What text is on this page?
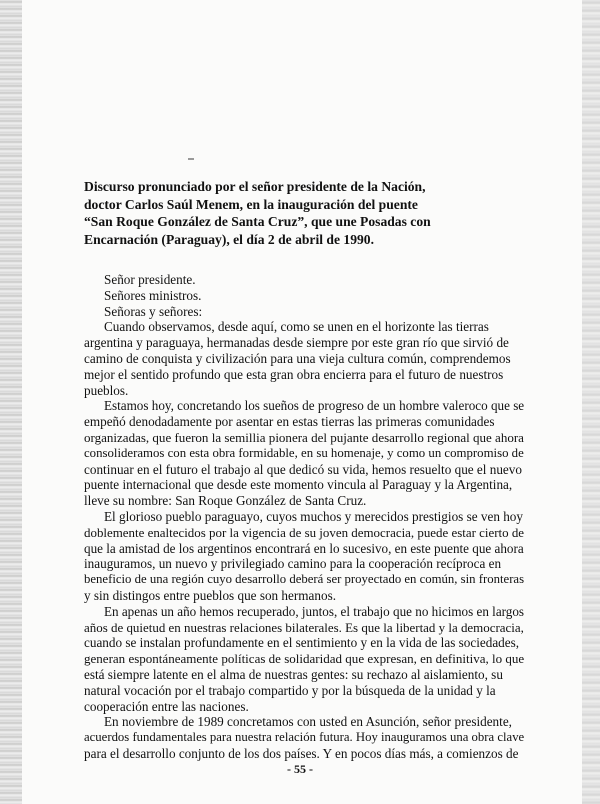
Discurso pronunciado por el señor presidente de la Nación,
doctor Carlos Saúl Menem, en la inauguración del puente
“San Roque González de Santa Cruz”, que une Posadas con
Encarnación (Paraguay), el día 2 de abril de 1990.
Señor presidente.
Señores ministros.
Señoras y señores:
Cuando observamos, desde aquí, como se unen en el horizonte las tierras
argentina y paraguaya, hermanadas desde siempre por este gran río que sirvió de
camino de conquista y civilización para una vieja cultura común, comprendemos
mejor el sentido profundo que esta gran obra encierra para el futuro de nuestros
pueblos.
Estamos hoy, concretando los sueños de progreso de un hombre valeroco que se
empeñó denodadamente por asentar en estas tierras las primeras comunidades
organizadas, que fueron la semillia pionera del pujante desarrollo regional que ahora
consolideramos con esta obra formidable, en su homenaje, y como un compromiso de
continuar en el futuro el trabajo al que dedicó su vida, hemos resuelto que el nuevo
puente internacional que desde este momento vincula al Paraguay y la Argentina,
lleve su nombre: San Roque González de Santa Cruz.
El glorioso pueblo paraguayo, cuyos muchos y merecidos prestigios se ven hoy
doblemente enaltecidos por la vigencia de su joven democracia, puede estar cierto de
que la amistad de los argentinos encontrará en lo sucesivo, en este puente que ahora
inauguramos, un nuevo y privilegiado camino para la cooperación recíproca en
beneficio de una región cuyo desarrollo deberá ser proyectado en común, sin fronteras
y sin distingos entre pueblos que son hermanos.
En apenas un año hemos recuperado, juntos, el trabajo que no hicimos en largos
años de quietud en nuestras relaciones bilaterales. Es que la libertad y la democracia,
cuando se instalan profundamente en el sentimiento y en la vida de las sociedades,
generan espontáneamente políticas de solidaridad que expresan, en definitiva, lo que
está siempre latente en el alma de nuestras gentes: su rechazo al aislamiento, su
natural vocación por el trabajo compartido y por la búsqueda de la unidad y la
cooperación entre las naciones.
En noviembre de 1989 concretamos con usted en Asunción, señor presidente,
acuerdos fundamentales para nuestra relación futura. Hoy inauguramos una obra clave
para el desarrollo conjunto de los dos países. Y en pocos días más, a comienzos de
- 55 -
